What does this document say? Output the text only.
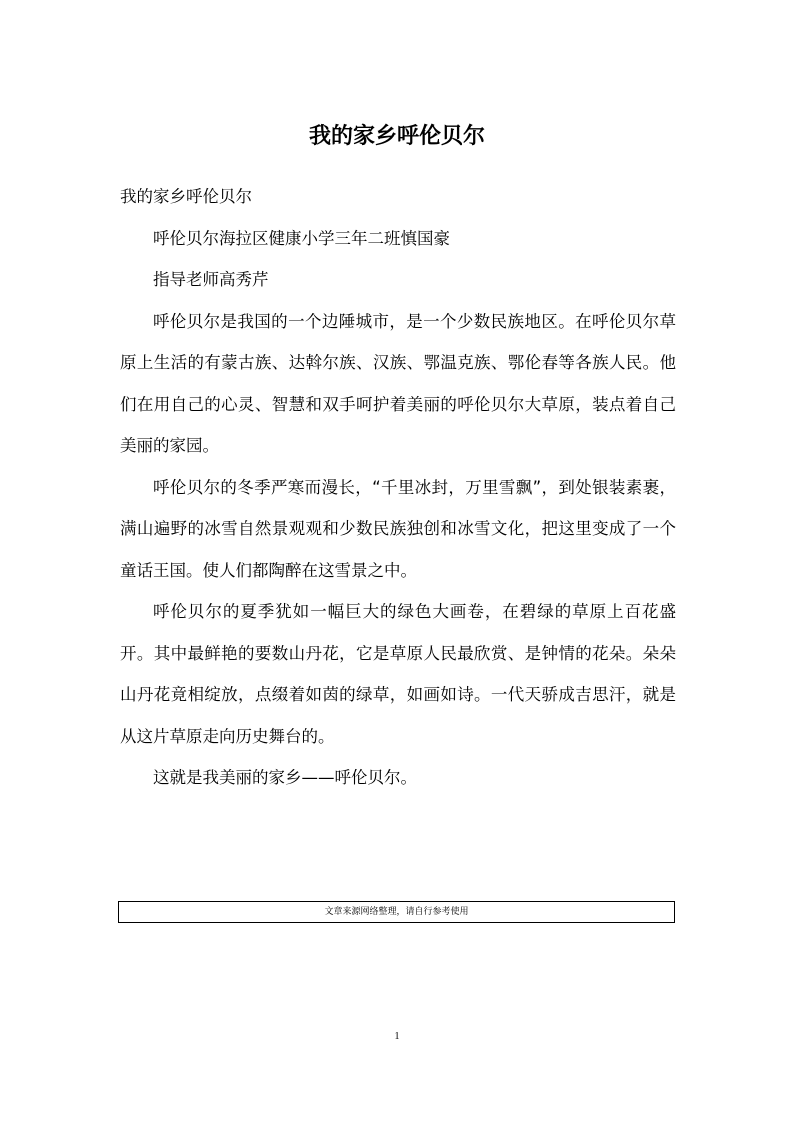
我的家乡呼伦贝尔

我的家乡呼伦贝尔

呼伦贝尔海拉区健康小学三年二班慎国豪

指导老师高秀芹

呼伦贝尔是我国的一个边陲城市，是一个少数民族地区。在呼伦贝尔草原上生活的有蒙古族、达斡尔族、汉族、鄂温克族、鄂伦春等各族人民。他们在用自己的心灵、智慧和双手呵护着美丽的呼伦贝尔大草原，装点着自己美丽的家园。

呼伦贝尔的冬季严寒而漫长，“千里冰封，万里雪飘”，到处银装素裹，满山遍野的冰雪自然景观观和少数民族独创和冰雪文化，把这里变成了一个童话王国。使人们都陶醉在这雪景之中。

呼伦贝尔的夏季犹如一幅巨大的绿色大画卷，在碧绿的草原上百花盛开。其中最鲜艳的要数山丹花，它是草原人民最欣赏、是钟情的花朵。朵朵山丹花竟相绽放，点缀着如茵的绿草，如画如诗。一代天骄成吉思汗，就是从这片草原走向历史舞台的。

这就是我美丽的家乡——呼伦贝尔。

文章来源网络整理，请自行参考使用
1
